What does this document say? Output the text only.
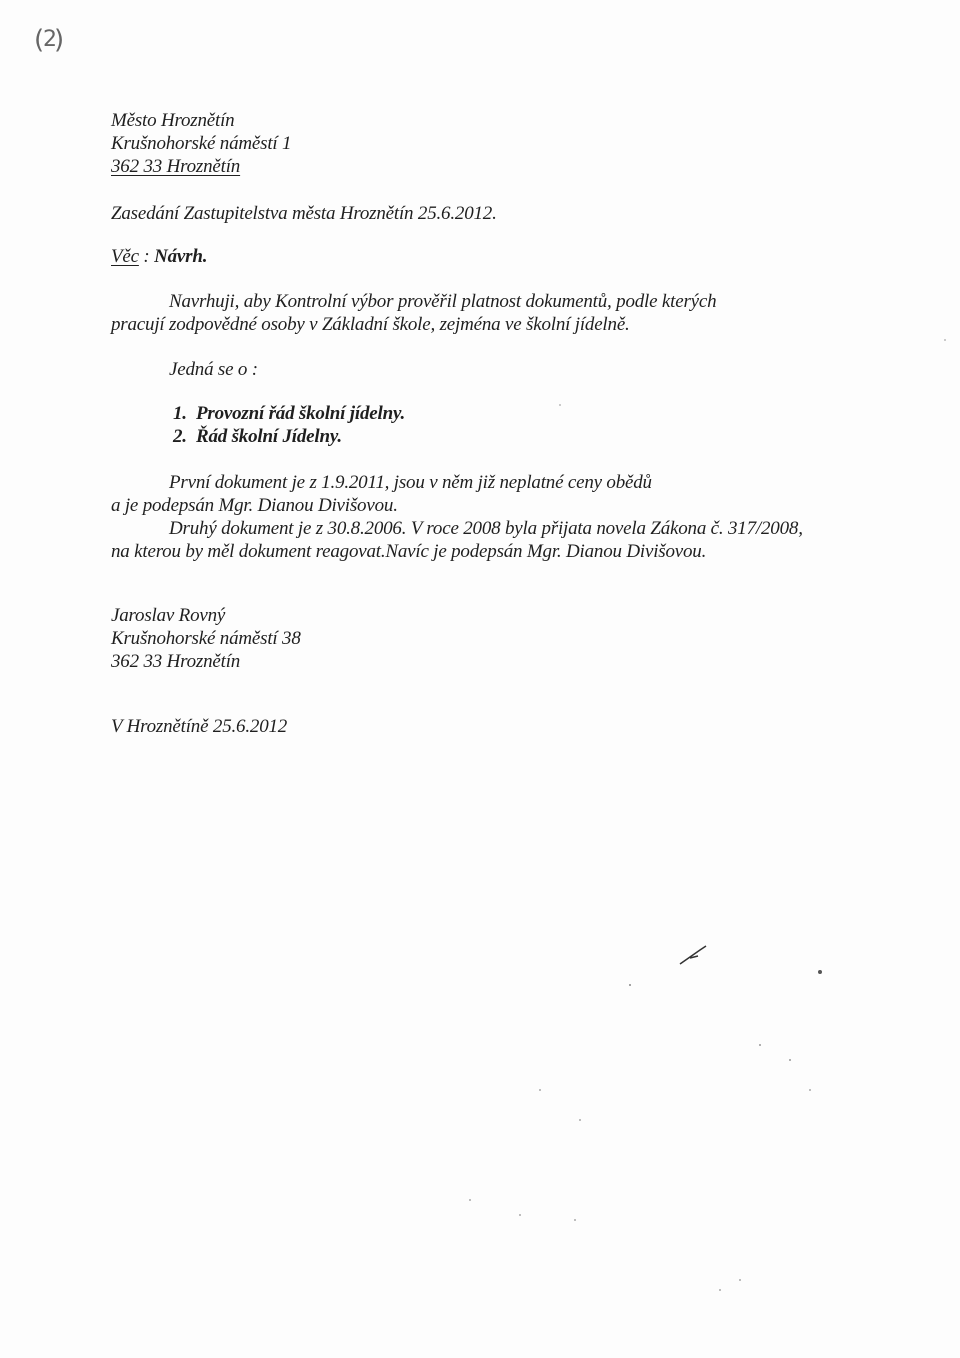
(
2
)
Město Hroznětín
Krušnohorské náměstí 1
362 33 Hroznětín
Zasedání Zastupitelstva města Hroznětín 25.6.2012.
Věc : Návrh.
Navrhuji, aby Kontrolní výbor prověřil platnost dokumentů, podle kterých
pracují zodpovědné osoby v Základní škole, zejména ve školní jídelně.
Jedná se o :
1. Provozní řád školní jídelny.
2. Řád školní Jídelny.
První dokument je z 1.9.2011, jsou v něm již neplatné ceny obědů
a je podepsán Mgr. Dianou Divišovou.
Druhý dokument je z 30.8.2006. V roce 2008 byla přijata novela Zákona č. 317/2008,
na kterou by měl dokument reagovat.Navíc je podepsán Mgr. Dianou Divišovou.
Jaroslav Rovný
Krušnohorské náměstí 38
362 33 Hroznětín
V Hroznětíně 25.6.2012
